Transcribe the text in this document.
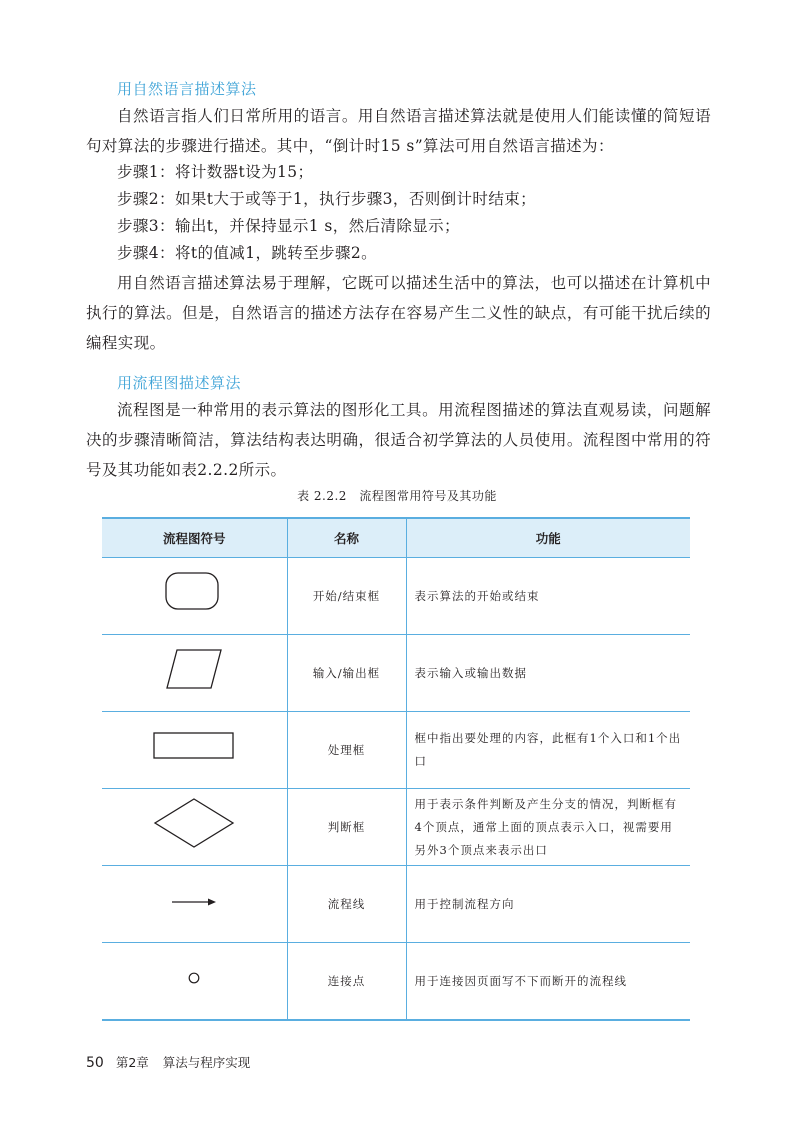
用自然语言描述算法
自然语言指人们日常所用的语言。用自然语言描述算法就是使用人们能读懂的简短语句对算法的步骤进行描述。其中，“倒计时15 s”算法可用自然语言描述为：
步骤1：将计数器t设为15；
步骤2：如果t大于或等于1，执行步骤3，否则倒计时结束；
步骤3：输出t，并保持显示1 s，然后清除显示；
步骤4：将t的值减1，跳转至步骤2。
用自然语言描述算法易于理解，它既可以描述生活中的算法，也可以描述在计算机中执行的算法。但是，自然语言的描述方法存在容易产生二义性的缺点，有可能干扰后续的编程实现。
用流程图描述算法
流程图是一种常用的表示算法的图形化工具。用流程图描述的算法直观易读，问题解决的步骤清晰简洁，算法结构表达明确，很适合初学算法的人员使用。流程图中常用的符号及其功能如表2.2.2所示。
表 2.2.2　流程图常用符号及其功能
流程图符号	名称	功能
	开始/结束框	表示算法的开始或结束
	输入/输出框	表示输入或输出数据
	处理框	框中指出要处理的内容，此框有1个入口和1个出口
	判断框	用于表示条件判断及产生分支的情况，判断框有4个顶点，通常上面的顶点表示入口，视需要用另外3个顶点来表示出口
	流程线	用于控制流程方向
	连接点	用于连接因页面写不下而断开的流程线
50 第2章 算法与程序实现
